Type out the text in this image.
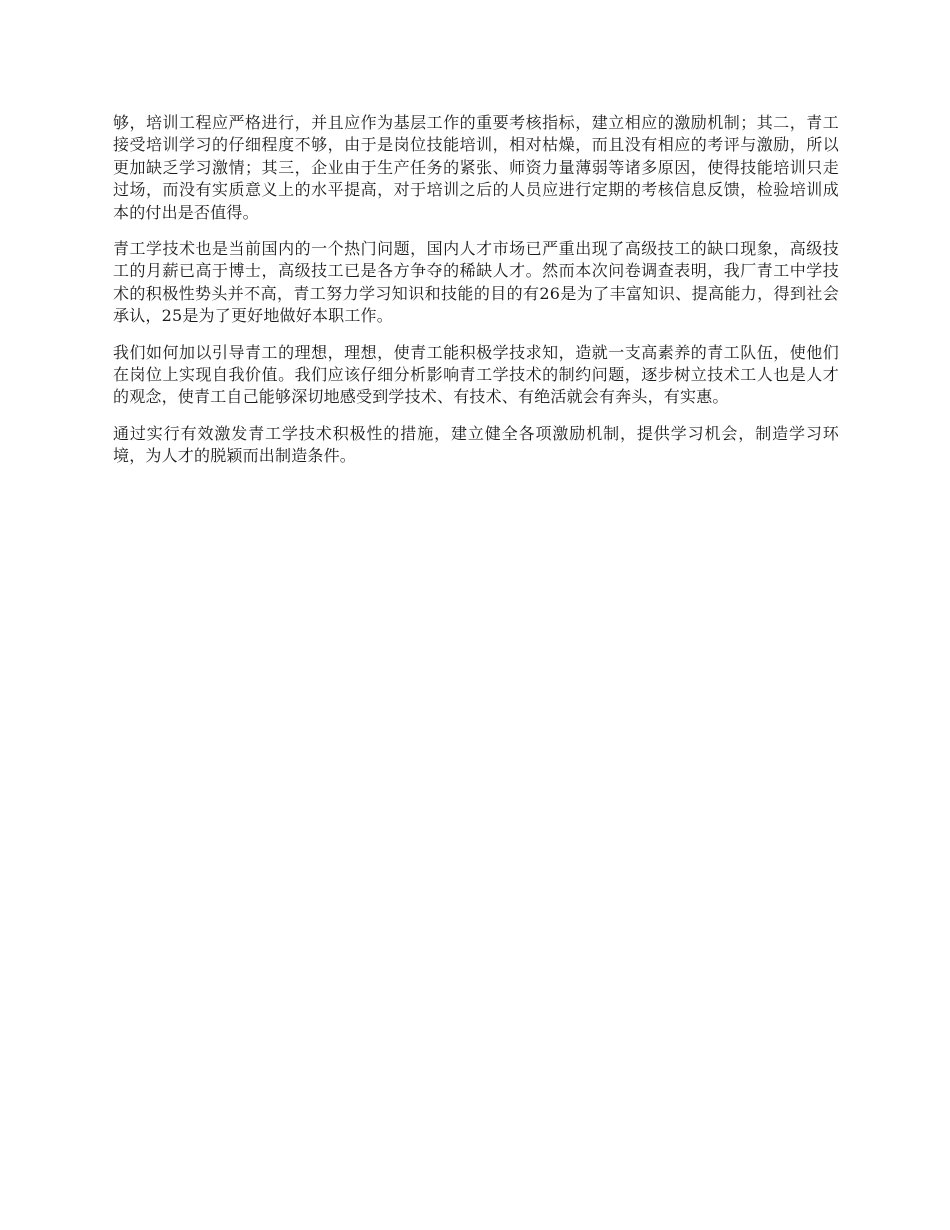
够，培训工程应严格进行，并且应作为基层工作的重要考核指标，建立相应的激励机制；其二，青工接受培训学习的仔细程度不够，由于是岗位技能培训，相对枯燥，而且没有相应的考评与激励，所以更加缺乏学习激情；其三，企业由于生产任务的紧张、师资力量薄弱等诸多原因，使得技能培训只走过场，而没有实质意义上的水平提高，对于培训之后的人员应进行定期的考核信息反馈，检验培训成本的付出是否值得。

青工学技术也是当前国内的一个热门问题，国内人才市场已严重出现了高级技工的缺口现象，高级技工的月薪已高于博士，高级技工已是各方争夺的稀缺人才。然而本次问卷调查表明，我厂青工中学技术的积极性势头并不高，青工努力学习知识和技能的目的有26是为了丰富知识、提高能力，得到社会承认，25是为了更好地做好本职工作。

我们如何加以引导青工的理想，理想，使青工能积极学技求知，造就一支高素养的青工队伍，使他们在岗位上实现自我价值。我们应该仔细分析影响青工学技术的制约问题，逐步树立技术工人也是人才的观念，使青工自己能够深切地感受到学技术、有技术、有绝活就会有奔头，有实惠。

通过实行有效激发青工学技术积极性的措施，建立健全各项激励机制，提供学习机会，制造学习环境，为人才的脱颖而出制造条件。
